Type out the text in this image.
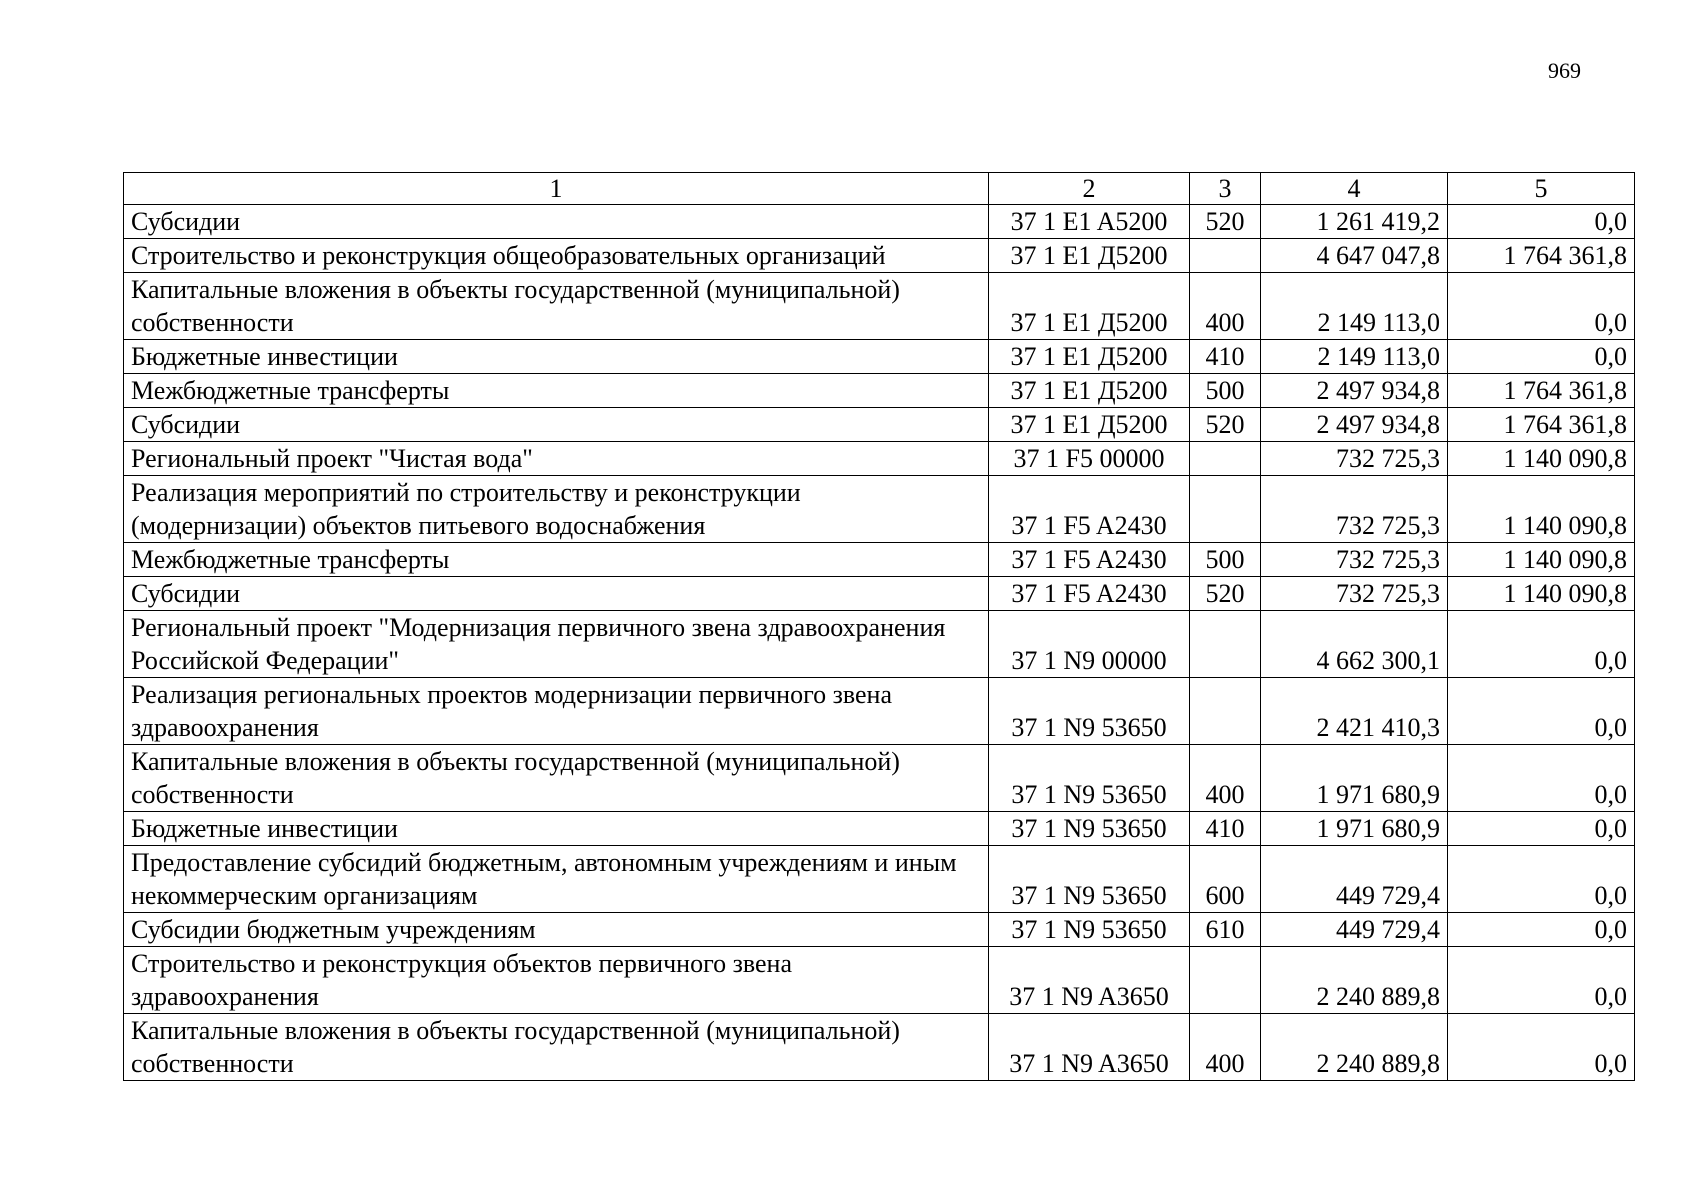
969
1	2	3	4	5
Субсидии	37 1 E1 A5200	520	1 261 419,2	0,0
Строительство и реконструкция общеобразовательных организаций	37 1 E1 Д5200		4 647 047,8	1 764 361,8
Капитальные вложения в объекты государственной (муниципальной) собственности	37 1 E1 Д5200	400	2 149 113,0	0,0
Бюджетные инвестиции	37 1 E1 Д5200	410	2 149 113,0	0,0
Межбюджетные трансферты	37 1 E1 Д5200	500	2 497 934,8	1 764 361,8
Субсидии	37 1 E1 Д5200	520	2 497 934,8	1 764 361,8
Региональный проект "Чистая вода"	37 1 F5 00000		732 725,3	1 140 090,8
Реализация мероприятий по строительству и реконструкции (модернизации) объектов питьевого водоснабжения	37 1 F5 A2430		732 725,3	1 140 090,8
Межбюджетные трансферты	37 1 F5 A2430	500	732 725,3	1 140 090,8
Субсидии	37 1 F5 A2430	520	732 725,3	1 140 090,8
Региональный проект "Модернизация первичного звена здравоохранения Российской Федерации"	37 1 N9 00000		4 662 300,1	0,0
Реализация региональных проектов модернизации первичного звена здравоохранения	37 1 N9 53650		2 421 410,3	0,0
Капитальные вложения в объекты государственной (муниципальной) собственности	37 1 N9 53650	400	1 971 680,9	0,0
Бюджетные инвестиции	37 1 N9 53650	410	1 971 680,9	0,0
Предоставление субсидий бюджетным, автономным учреждениям и иным некоммерческим организациям	37 1 N9 53650	600	449 729,4	0,0
Субсидии бюджетным учреждениям	37 1 N9 53650	610	449 729,4	0,0
Строительство и реконструкция объектов первичного звена здравоохранения	37 1 N9 A3650		2 240 889,8	0,0
Капитальные вложения в объекты государственной (муниципальной) собственности	37 1 N9 A3650	400	2 240 889,8	0,0
